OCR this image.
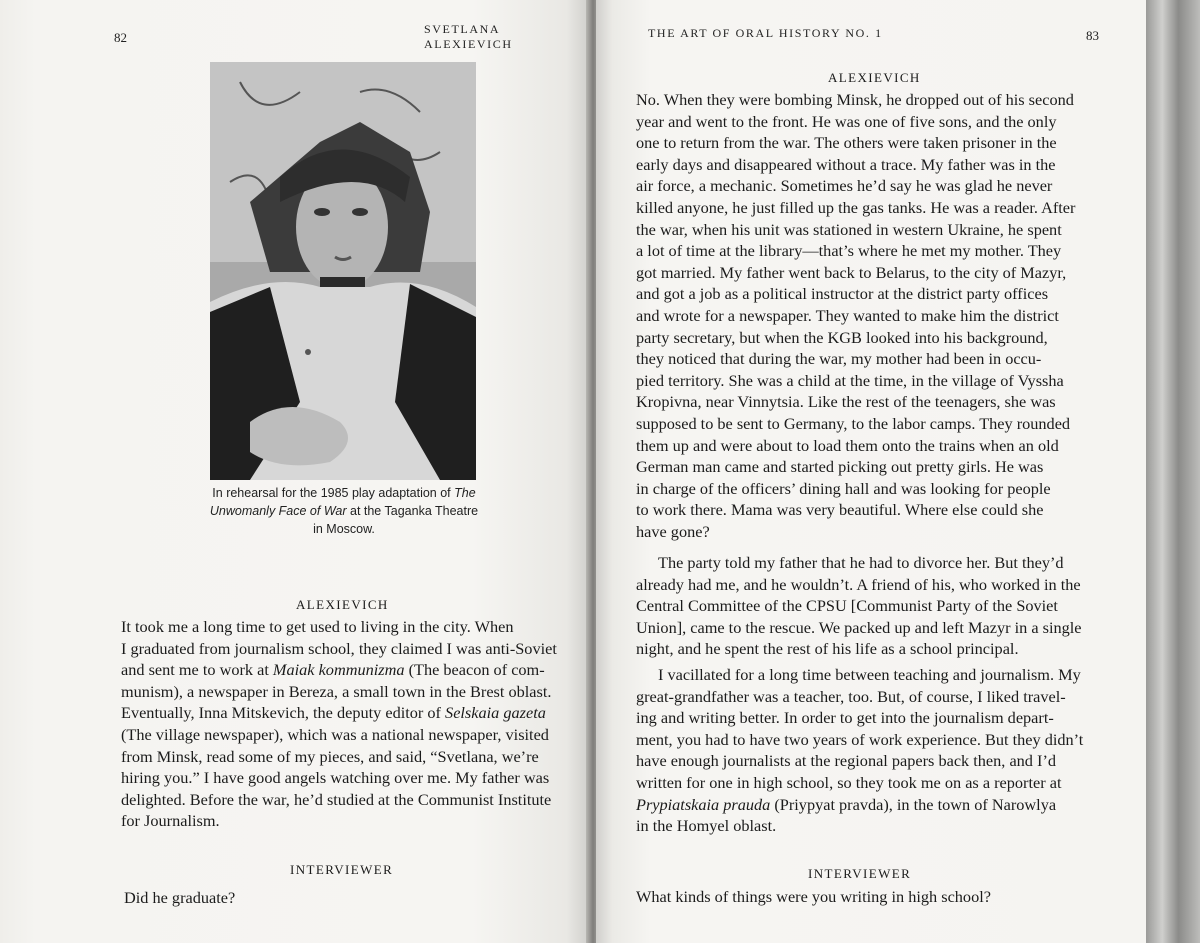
82
SVETLANA ALEXIEVICH
In rehearsal for the 1985 play adaptation of The
Unwomanly Face of War at the Taganka Theatre
in Moscow.
ALEXIEVICH
It took me a long time to get used to living in the city. When
I graduated from journalism school, they claimed I was anti-Soviet
and sent me to work at Maiak kommunizma (The beacon of com-
munism), a newspaper in Bereza, a small town in the Brest oblast.
Eventually, Inna Mitskevich, the deputy editor of Selskaia gazeta
(The village newspaper), which was a national newspaper, visited
from Minsk, read some of my pieces, and said, “Svetlana, we’re
hiring you.” I have good angels watching over me. My father was
delighted. Before the war, he’d studied at the Communist Institute
for Journalism.
INTERVIEWER
Did he graduate?
THE ART OF ORAL HISTORY NO. 1	83
ALEXIEVICH
No. When they were bombing Minsk, he dropped out of his second
year and went to the front. He was one of five sons, and the only
one to return from the war. The others were taken prisoner in the
early days and disappeared without a trace. My father was in the
air force, a mechanic. Sometimes he’d say he was glad he never
killed anyone, he just filled up the gas tanks. He was a reader. After
the war, when his unit was stationed in western Ukraine, he spent
a lot of time at the library—that’s where he met my mother. They
got married. My father went back to Belarus, to the city of Mazyr,
and got a job as a political instructor at the district party offices
and wrote for a newspaper. They wanted to make him the district
party secretary, but when the KGB looked into his background,
they noticed that during the war, my mother had been in occu-
pied territory. She was a child at the time, in the village of Vyssha
Kropivna, near Vinnytsia. Like the rest of the teenagers, she was
supposed to be sent to Germany, to the labor camps. They rounded
them up and were about to load them onto the trains when an old
German man came and started picking out pretty girls. He was
in charge of the officers’ dining hall and was looking for people
to work there. Mama was very beautiful. Where else could she
have gone?
The party told my father that he had to divorce her. But they’d
already had me, and he wouldn’t. A friend of his, who worked in the
Central Committee of the CPSU [Communist Party of the Soviet
Union], came to the rescue. We packed up and left Mazyr in a single
night, and he spent the rest of his life as a school principal.
I vacillated for a long time between teaching and journalism. My
great-grandfather was a teacher, too. But, of course, I liked travel-
ing and writing better. In order to get into the journalism depart-
ment, you had to have two years of work experience. But they didn’t
have enough journalists at the regional papers back then, and I’d
written for one in high school, so they took me on as a reporter at
Prypiatskaia prauda (Priypyat pravda), in the town of Narowlya
in the Homyel oblast.
INTERVIEWER
What kinds of things were you writing in high school?
